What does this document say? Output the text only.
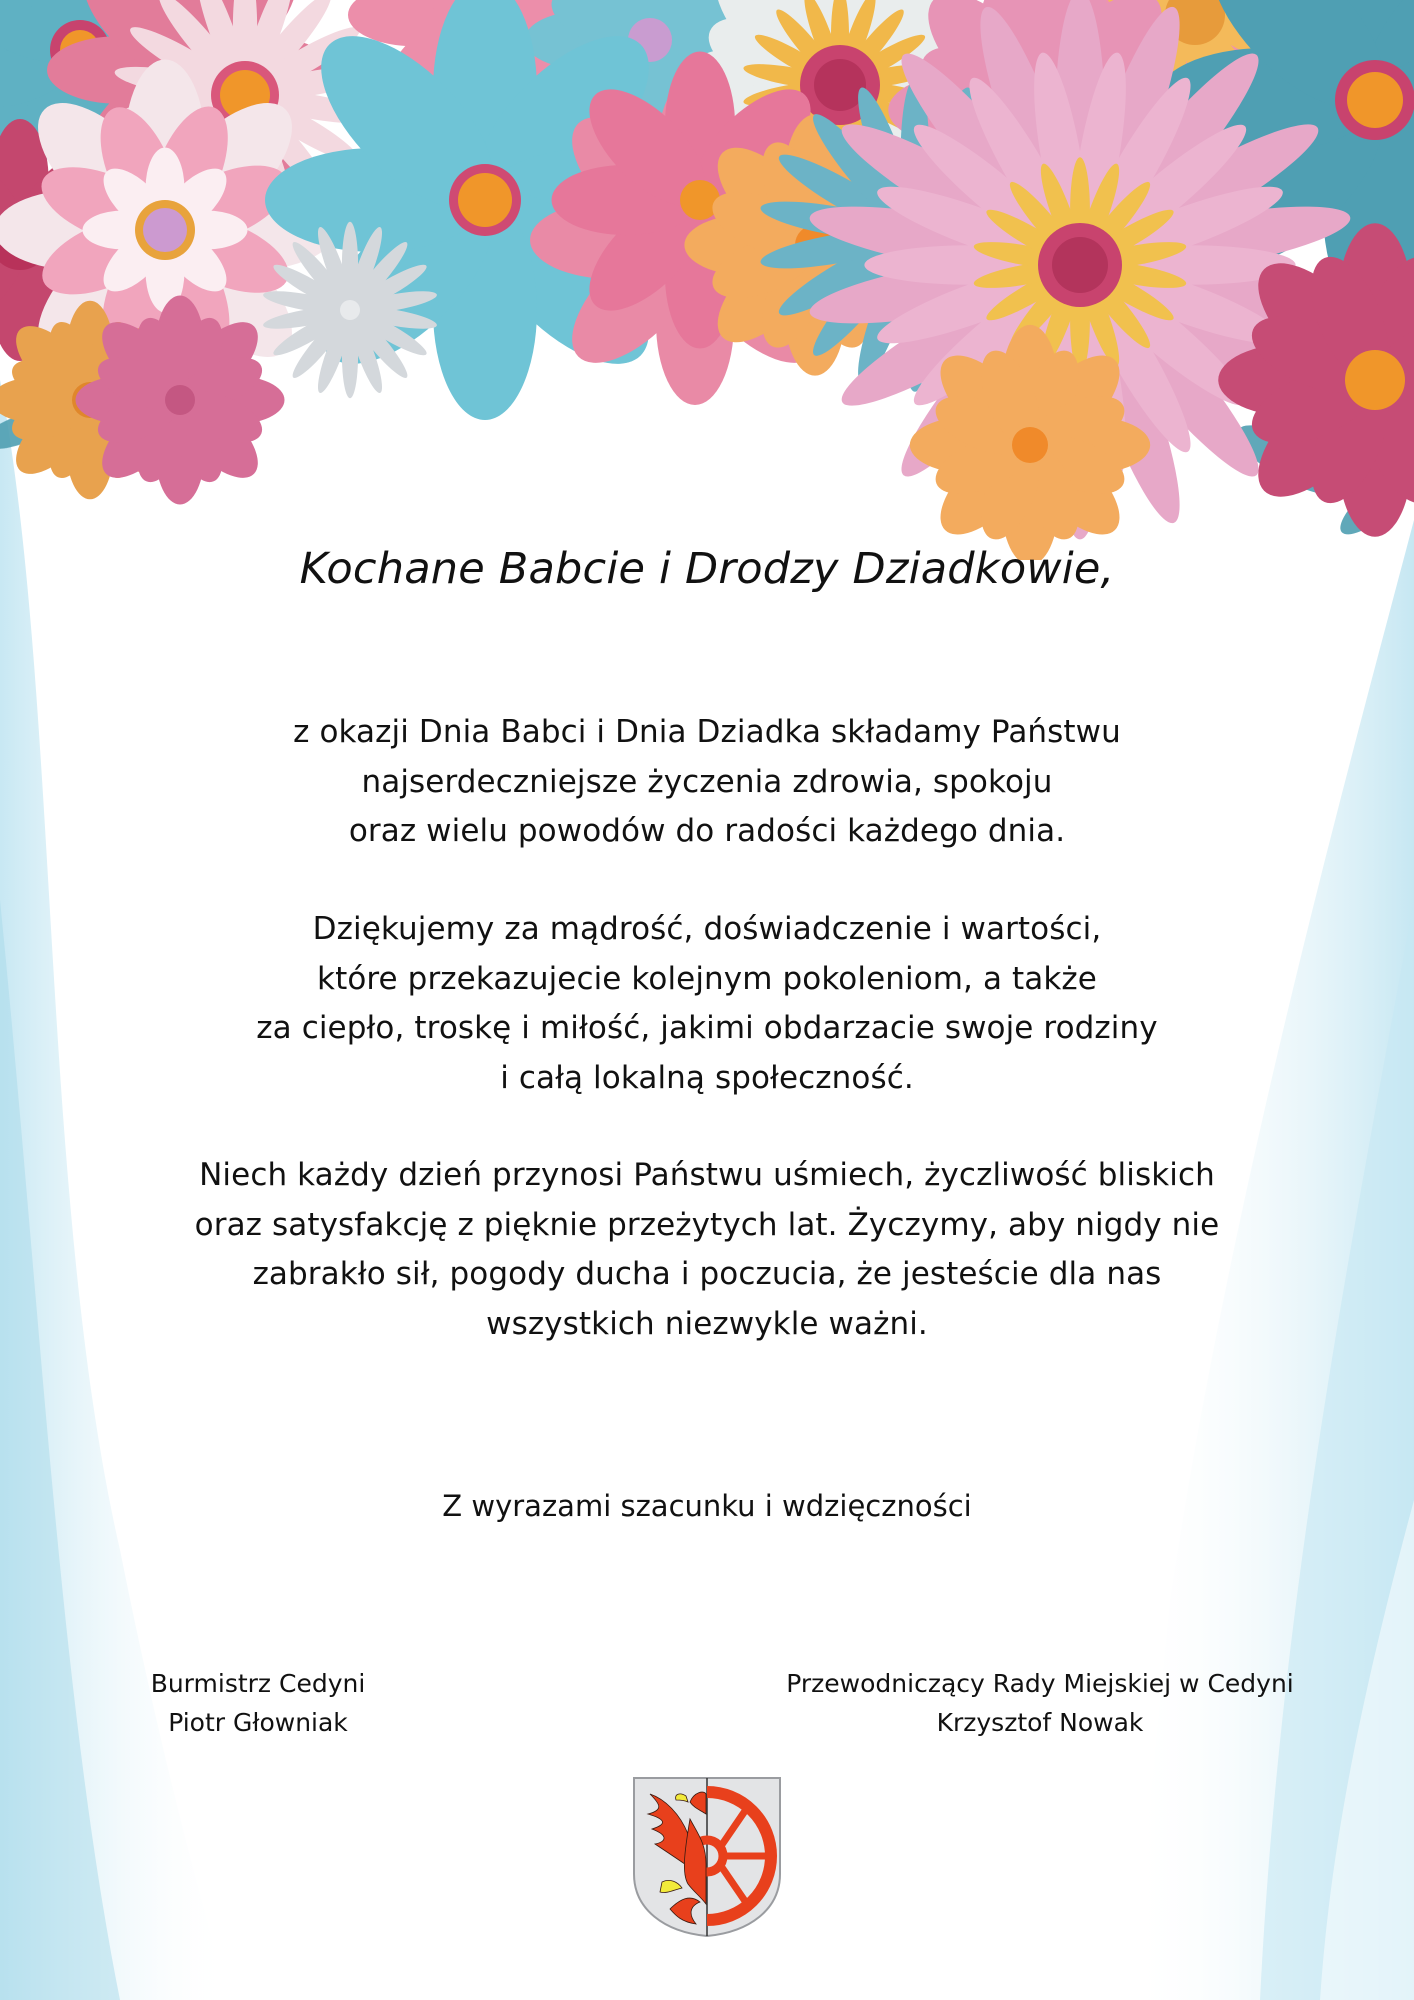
Kochane Babcie i Drodzy Dziadkowie,
z okazji Dnia Babci i Dnia Dziadka składamy Państwu
najserdeczniejsze życzenia zdrowia, spokoju
oraz wielu powodów do radości każdego dnia.
Dziękujemy za mądrość, doświadczenie i wartości,
które przekazujecie kolejnym pokoleniom, a także
za ciepło, troskę i miłość, jakimi obdarzacie swoje rodziny
i całą lokalną społeczność.
Niech każdy dzień przynosi Państwu uśmiech, życzliwość bliskich
oraz satysfakcję z pięknie przeżytych lat. Życzymy, aby nigdy nie
zabrakło sił, pogody ducha i poczucia, że jesteście dla nas
wszystkich niezwykle ważni.
Z wyrazami szacunku i wdzięczności
Burmistrz Cedyni
Piotr Głowniak
Przewodniczący Rady Miejskiej w Cedyni
Krzysztof Nowak
